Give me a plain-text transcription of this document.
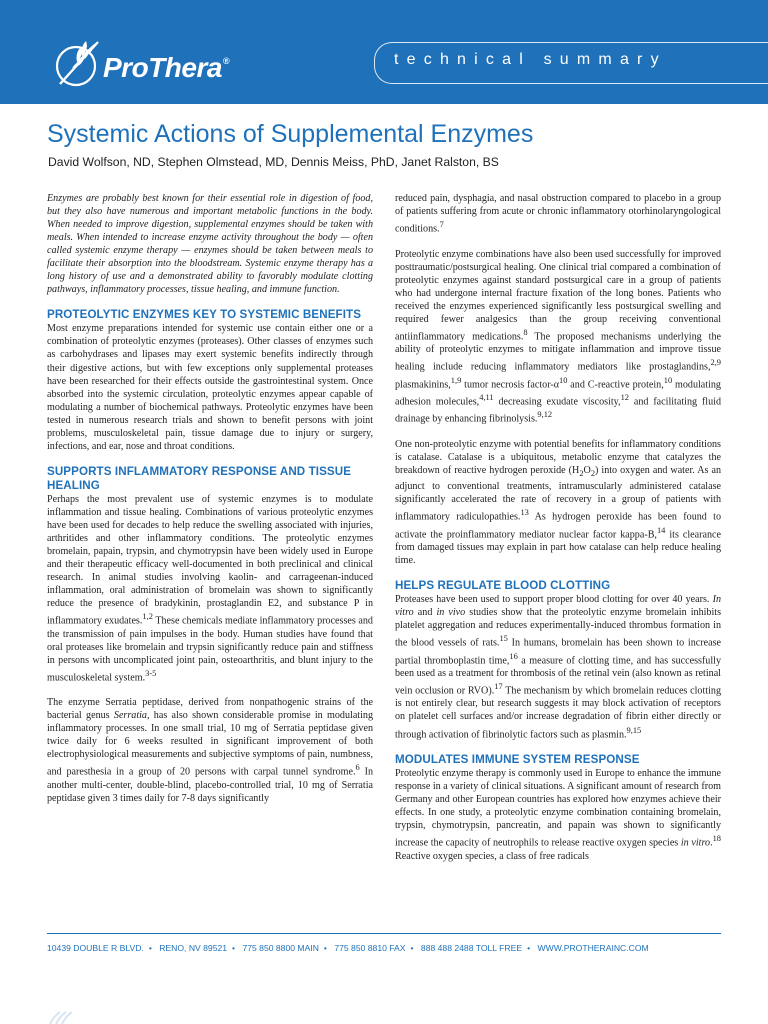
ProThera®	technical summary
Systemic Actions of Supplemental Enzymes
David Wolfson, ND, Stephen Olmstead, MD, Dennis Meiss, PhD, Janet Ralston, BS

Enzymes are probably best known for their essential role in digestion of food, but they also have numerous and important metabolic functions in the body. When needed to improve digestion, supplemental enzymes should be taken with meals. When intended to increase enzyme activity throughout the body — often called systemic enzyme therapy — enzymes should be taken between meals to facilitate their absorption into the bloodstream. Systemic enzyme therapy has a long history of use and a demonstrated ability to favorably modulate clotting pathways, inflammatory processes, tissue healing, and immune function.

PROTEOLYTIC ENZYMES KEY TO SYSTEMIC BENEFITS

Most enzyme preparations intended for systemic use contain either one or a combination of proteolytic enzymes (proteases). Other classes of enzymes such as carbohydrases and lipases may exert systemic benefits indirectly through their digestive actions, but with few exceptions only supplemental proteases have been researched for their effects outside the gastrointestinal system. Once absorbed into the systemic circulation, proteolytic enzymes appear capable of modulating a number of biochemical pathways. Proteolytic enzymes have been tested in numerous research trials and shown to benefit persons with joint problems, musculoskeletal pain, tissue damage due to injury or surgery, infections, and ear, nose and throat conditions.

SUPPORTS INFLAMMATORY RESPONSE AND TISSUE HEALING

Perhaps the most prevalent use of systemic enzymes is to modulate inflammation and tissue healing. Combinations of various proteolytic enzymes have been used for decades to help reduce the swelling associated with injuries, arthritides and other inflammatory conditions. The proteolytic enzymes bromelain, papain, trypsin, and chymotrypsin have been widely used in Europe and their therapeutic efficacy well-documented in both preclinical and clinical research. In animal studies involving kaolin- and carrageenan-induced inflammation, oral administration of bromelain was shown to significantly reduce the presence of bradykinin, prostaglandin E2, and substance P in inflammatory exudates.$^{1,2}$ These chemicals mediate inflammatory processes and the transmission of pain impulses in the body. Human studies have found that oral proteases like bromelain and trypsin significantly reduce pain and stiffness in persons with uncomplicated joint pain, osteoarthritis, and blunt injury to the musculoskeletal system.$^{3-5}$

The enzyme Serratia peptidase, derived from nonpathogenic strains of the bacterial genus Serratia, has also shown considerable promise in modulating inflammatory processes. In one small trial, 10 mg of Serratia peptidase given twice daily for 6 weeks resulted in significant improvement of both electrophysiological measurements and subjective symptoms of pain, numbness, and paresthesia in a group of 20 persons with carpal tunnel syndrome.$^6$ In another multi-center, double-blind, placebo-controlled trial, 10 mg of Serratia peptidase given 3 times daily for 7-8 days significantly

reduced pain, dysphagia, and nasal obstruction compared to placebo in a group of patients suffering from acute or chronic inflammatory otorhinolaryngological conditions.$^7$

Proteolytic enzyme combinations have also been used successfully for improved posttraumatic/postsurgical healing. One clinical trial compared a combination of proteolytic enzymes against standard postsurgical care in a group of patients who had undergone internal fracture fixation of the long bones. Patients who received the enzymes experienced significantly less postsurgical swelling and required fewer analgesics than the group receiving conventional antiinflammatory medications.$^8$ The proposed mechanisms underlying the ability of proteolytic enzymes to mitigate inflammation and improve tissue healing include reducing inflammatory mediators like prostaglandins,$^{2,9}$ plasmakinins,$^{1,9}$ tumor necrosis factor-$\alpha^{10}$ and C-reactive protein,$^{10}$ modulating adhesion molecules,$^{4,11}$ decreasing exudate viscosity,$^{12}$ and facilitating fluid drainage by enhancing fibrinolysis.$^{9,12}$

One non-proteolytic enzyme with potential benefits for inflammatory conditions is catalase. Catalase is a ubiquitous, metabolic enzyme that catalyzes the breakdown of reactive hydrogen peroxide $(H_2O_2)$ into oxygen and water. As an adjunct to conventional treatments, intramuscularly administered catalase significantly accelerated the rate of recovery in a group of patients with inflammatory radiculopathies.$^{13}$ As hydrogen peroxide has been found to activate the proinflammatory mediator nuclear factor kappa-B,$^{14}$ its clearance from damaged tissues may explain in part how catalase can help reduce healing time.

HELPS REGULATE BLOOD CLOTTING

Proteases have been used to support proper blood clotting for over 40 years. In vitro and in vivo studies show that the proteolytic enzyme bromelain inhibits platelet aggregation and reduces experimentally-induced thrombus formation in the blood vessels of rats.$^{15}$ In humans, bromelain has been shown to increase partial thromboplastin time,$^{16}$ a measure of clotting time, and has successfully been used as a treatment for thrombosis of the retinal vein (also known as retinal vein occlusion or RVO).$^{17}$ The mechanism by which bromelain reduces clotting is not entirely clear, but research suggests it may block activation of receptors on platelet cell surfaces and/or increase degradation of fibrin either directly or through activation of fibrinolytic factors such as plasmin.$^{9,15}$

MODULATES IMMUNE SYSTEM RESPONSE

Proteolytic enzyme therapy is commonly used in Europe to enhance the immune response in a variety of clinical situations. A significant amount of research from Germany and other European countries has explored how enzymes achieve their effects. In one study, a proteolytic enzyme combination containing bromelain, trypsin, chymotrypsin, pancreatin, and papain was shown to significantly increase the capacity of neutrophils to release reactive oxygen species in vitro.$^{18}$ Reactive oxygen species, a class of free radicals

10439 DOUBLE R BLVD. • RENO, NV 89521 • 775 850 8800 MAIN • 775 850 8810 FAX • 888 488 2488 TOLL FREE • WWW.PROTHERAINC.COM
